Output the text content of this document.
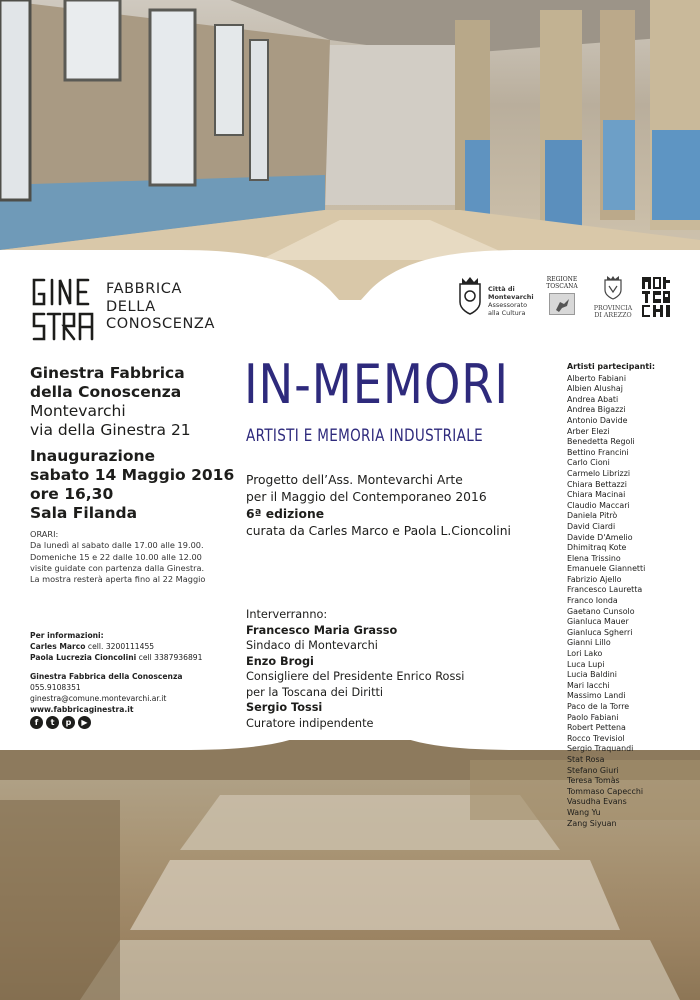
FABBRICA
DELLA
CONOSCENZA
Città di
Montevarchi
Assessorato
alla Cultura
REGIONE
TOSCANA
PROVINCIA
DI AREZZO
Ginestra Fabbrica
della Conoscenza
Montevarchi
via della Ginestra 21
Inaugurazione
sabato 14 Maggio 2016
ore 16,30
Sala Filanda
ORARI:
Da lunedì al sabato dalle 17.00 alle 19.00.
Domeniche 15 e 22 dalle 10.00 alle 12.00
visite guidate con partenza dalla Ginestra.
La mostra resterà aperta fino al 22 Maggio
Per informazioni:
Carles Marco cell. 3200111455
Paola Lucrezia Cioncolini cell 3387936891
Ginestra Fabbrica della Conoscenza
055.9108351
ginestra@comune.montevarchi.ar.it
www.fabbricaginestra.it
f	t	p	▶
IN-MEMORI
ARTISTI E MEMORIA INDUSTRIALE
Progetto dell’Ass. Montevarchi Arte
per il Maggio del Contemporaneo 2016
6ª edizione
curata da Carles Marco e Paola L.Cioncolini
Interverranno:
Francesco Maria Grasso
Sindaco di Montevarchi
Enzo Brogi
Consigliere del Presidente Enrico Rossi
per la Toscana dei Diritti
Sergio Tossi
Curatore indipendente
Artisti partecipanti:
Alberto Fabiani
Albien Alushaj
Andrea Abati
Andrea Bigazzi
Antonio Davide
Arber Elezi
Benedetta Regoli
Bettino Francini
Carlo Cioni
Carmelo Librizzi
Chiara Bettazzi
Chiara Macinai
Claudio Maccari
Daniela Pitrò
David Ciardi
Davide D'Amelio
Dhimitraq Kote
Elena Trissino
Emanuele Giannetti
Fabrizio Ajello
Francesco Lauretta
Franco Ionda
Gaetano Cunsolo
Gianluca Mauer
Gianluca Sgherri
Gianni Lillo
Lori Lako
Luca Lupi
Lucia Baldini
Mari Iacchi
Massimo Landi
Paco de la Torre
Paolo Fabiani
Robert Pettena
Rocco Trevisiol
Sergio Traquandi
Stat Rosa
Stefano Giuri
Teresa Tomàs
Tommaso Capecchi
Vasudha Evans
Wang Yu
Zang Siyuan
